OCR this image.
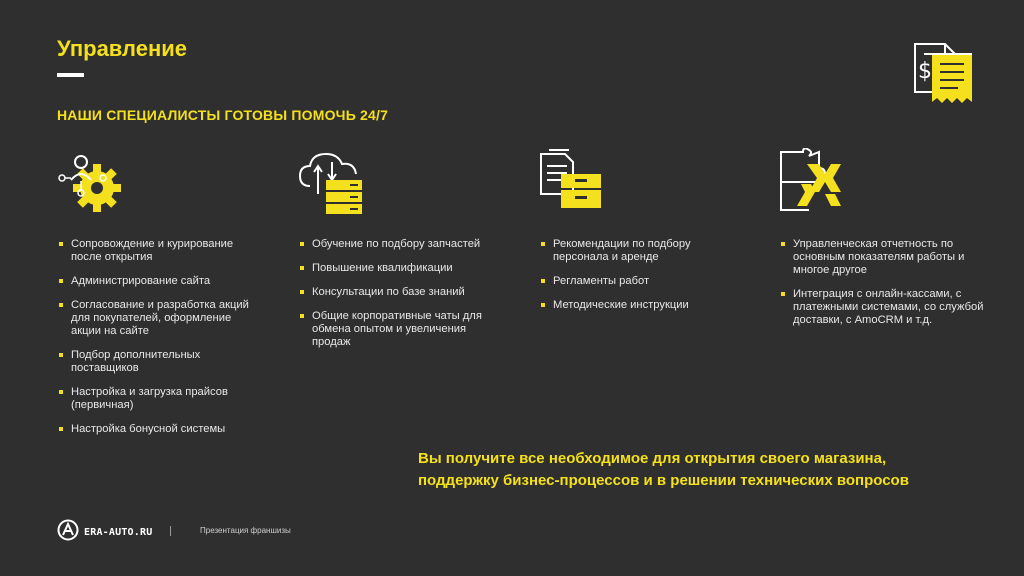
Управление
НАШИ СПЕЦИАЛИСТЫ ГОТОВЫ ПОМОЧЬ 24/7
$
Сопровождение и курирование после открытия
Администрирование сайта
Согласование и разработка акций для покупателей, оформление акции на сайте
Подбор дополнительных поставщиков
Настройка и загрузка прайсов (первичная)
Настройка бонусной системы
Обучение по подбору запчастей
Повышение квалификации
Консультации по базе знаний
Общие корпоративные чаты для обмена опытом и увеличения продаж
Рекомендации по подбору персонала и аренде
Регламенты работ
Методические инструкции
Управленческая отчетность по основным показателям работы и многое другое
Интеграция с онлайн-кассами, с платежными системами, со службой доставки, с AmoCRM и т.д.

Вы получите все необходимое для открытия своего магазина,
поддержку бизнес-процессов и в решении технических вопросов

ERA-AUTO.RU	Презентация франшизы
